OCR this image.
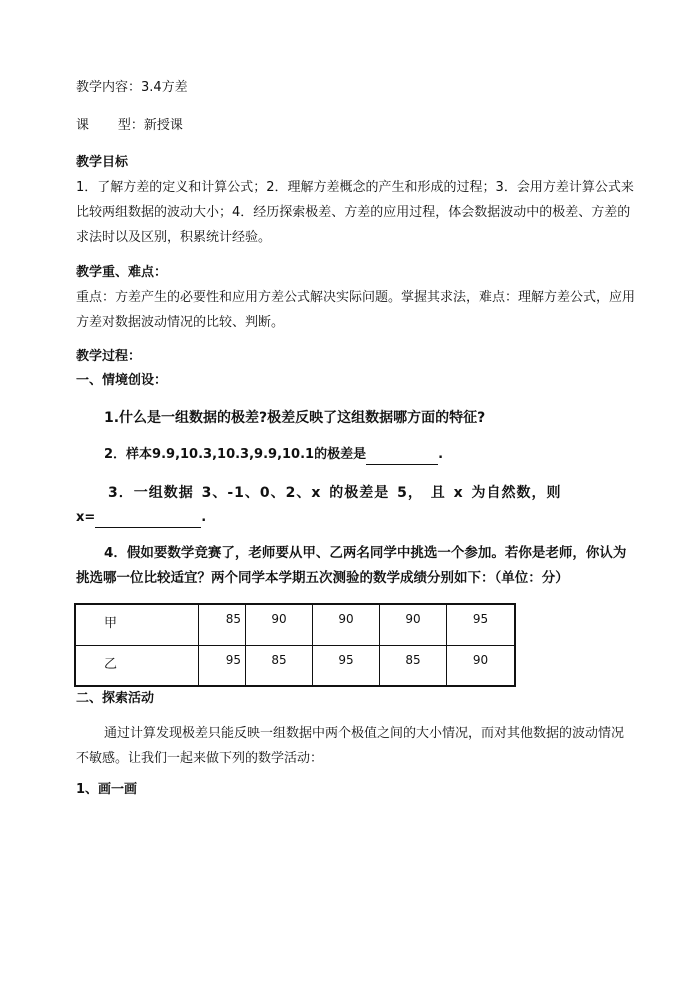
教学内容：3.4方差
课       型：新授课
教学目标
1．了解方差的定义和计算公式；2．理解方差概念的产生和形成的过程；3．会用方差计算公式来比较两组数据的波动大小；4．经历探索极差、方差的应用过程，体会数据波动中的极差、方差的求法时以及区别，积累统计经验。
教学重、难点：
重点：方差产生的必要性和应用方差公式解决实际问题。掌握其求法，难点：理解方差公式，应用方差对数据波动情况的比较、判断。
教学过程：
一、情境创设：
1.什么是一组数据的极差?极差反映了这组数据哪方面的特征?
2．样本9.9,10.3,10.3,9.9,10.1的极差是	.
3．一组数据 3、-1、0、2、x 的极差是 5， 且 x 为自然数，则
x=	.
4．假如要数学竞赛了，老师要从甲、乙两名同学中挑选一个参加。若你是老师，你认为挑选哪一位比较适宜？两个同学本学期五次测验的数学成绩分别如下：（单位：分）
甲	85	90	90	90	95
乙	95	85	95	85	90
二、探索活动
通过计算发现极差只能反映一组数据中两个极值之间的大小情况，而对其他数据的波动情况不敏感。让我们一起来做下列的数学活动：
1、画一画
